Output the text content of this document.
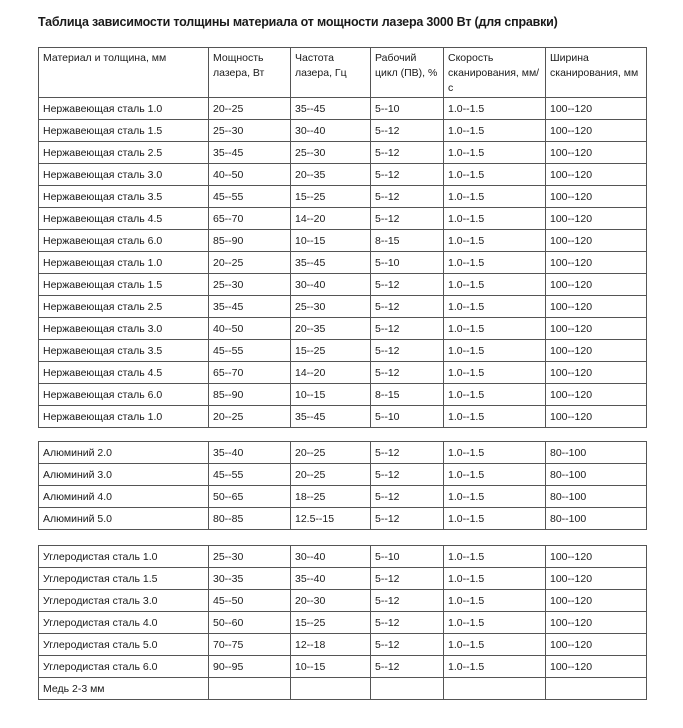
Таблица зависимости толщины материала от мощности лазера 3000 Вт (для справки)
Материал и толщина, мм	Мощность лазера, Вт	Частота лазера, Гц	Рабочий цикл (ПВ), %	Скорость сканирования, мм/с	Ширина сканирования, мм
Нержавеющая сталь 1.0	20--25	35--45	5--10	1.0--1.5	100--120
Нержавеющая сталь 1.5	25--30	30--40	5--12	1.0--1.5	100--120
Нержавеющая сталь 2.5	35--45	25--30	5--12	1.0--1.5	100--120
Нержавеющая сталь 3.0	40--50	20--35	5--12	1.0--1.5	100--120
Нержавеющая сталь 3.5	45--55	15--25	5--12	1.0--1.5	100--120
Нержавеющая сталь 4.5	65--70	14--20	5--12	1.0--1.5	100--120
Нержавеющая сталь 6.0	85--90	10--15	8--15	1.0--1.5	100--120
Нержавеющая сталь 1.0	20--25	35--45	5--10	1.0--1.5	100--120
Нержавеющая сталь 1.5	25--30	30--40	5--12	1.0--1.5	100--120
Нержавеющая сталь 2.5	35--45	25--30	5--12	1.0--1.5	100--120
Нержавеющая сталь 3.0	40--50	20--35	5--12	1.0--1.5	100--120
Нержавеющая сталь 3.5	45--55	15--25	5--12	1.0--1.5	100--120
Нержавеющая сталь 4.5	65--70	14--20	5--12	1.0--1.5	100--120
Нержавеющая сталь 6.0	85--90	10--15	8--15	1.0--1.5	100--120
Нержавеющая сталь 1.0	20--25	35--45	5--10	1.0--1.5	100--120
Алюминий 2.0	35--40	20--25	5--12	1.0--1.5	80--100
Алюминий 3.0	45--55	20--25	5--12	1.0--1.5	80--100
Алюминий 4.0	50--65	18--25	5--12	1.0--1.5	80--100
Алюминий 5.0	80--85	12.5--15	5--12	1.0--1.5	80--100
Углеродистая сталь 1.0	25--30	30--40	5--10	1.0--1.5	100--120
Углеродистая сталь 1.5	30--35	35--40	5--12	1.0--1.5	100--120
Углеродистая сталь 3.0	45--50	20--30	5--12	1.0--1.5	100--120
Углеродистая сталь 4.0	50--60	15--25	5--12	1.0--1.5	100--120
Углеродистая сталь 5.0	70--75	12--18	5--12	1.0--1.5	100--120
Углеродистая сталь 6.0	90--95	10--15	5--12	1.0--1.5	100--120
Медь 2-3 мм					
